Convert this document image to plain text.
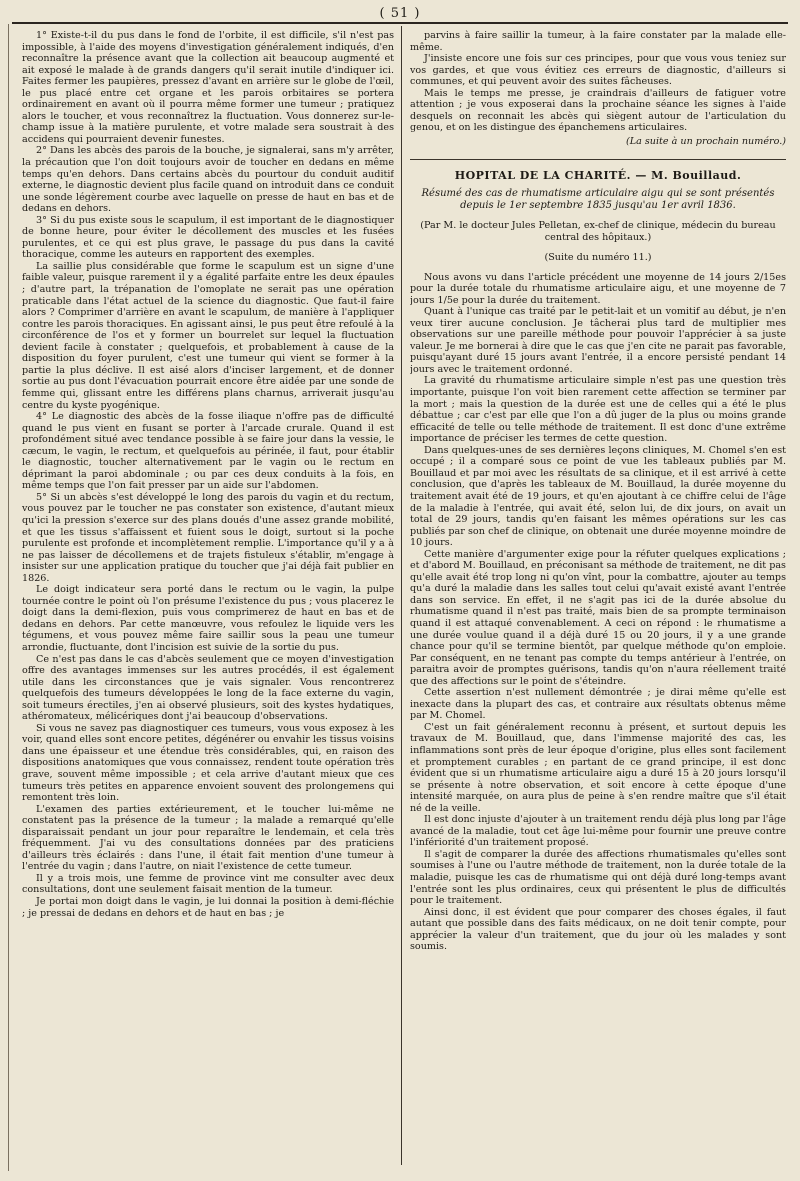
( 51 )

1° Existe-t-il du pus dans le fond de l'orbite, il est difficile, s'il n'est pas impossible, à l'aide des moyens d'investigation généralement indiqués, d'en reconnaître la présence avant que la collection ait beaucoup augmenté et ait exposé le malade à de grands dangers qu'il serait inutile d'indiquer ici. Faites fermer les paupières, pressez d'avant en arrière sur le globe de l'œil, le pus placé entre cet organe et les parois orbitaires se portera ordinairement en avant où il pourra même former une tumeur ; pratiquez alors le toucher, et vous reconnaîtrez la fluctuation. Vous donnerez sur-le-champ issue à la matière purulente, et votre malade sera soustrait à des accidens qui pourraient devenir funestes.

2° Dans les abcès des parois de la bouche, je signalerai, sans m'y arrêter, la précaution que l'on doit toujours avoir de toucher en dedans en même temps qu'en dehors. Dans certains abcès du pourtour du conduit auditif externe, le diagnostic devient plus facile quand on introduit dans ce conduit une sonde légèrement courbe avec laquelle on presse de haut en bas et de dedans en dehors.

3° Si du pus existe sous le scapulum, il est important de le diagnostiquer de bonne heure, pour éviter le décollement des muscles et les fusées purulentes, et ce qui est plus grave, le passage du pus dans la cavité thoracique, comme les auteurs en rapportent des exemples.

La saillie plus considérable que forme le scapulum est un signe d'une faible valeur, puisque rarement il y a égalité parfaite entre les deux épaules ; d'autre part, la trépanation de l'omoplate ne serait pas une opération praticable dans l'état actuel de la science du diagnostic. Que faut-il faire alors ? Comprimer d'arrière en avant le scapulum, de manière à l'appliquer contre les parois thoraciques. En agissant ainsi, le pus peut être refoulé à la circonférence de l'os et y former un bourrelet sur lequel la fluctuation devient facile à constater ; quelquefois, et probablement à cause de la disposition du foyer purulent, c'est une tumeur qui vient se former à la partie la plus déclive. Il est aisé alors d'inciser largement, et de donner sortie au pus dont l'évacuation pourrait encore être aidée par une sonde de femme qui, glissant entre les différens plans charnus, arriverait jusqu'au centre du kyste pyogénique.

4° Le diagnostic des abcès de la fosse iliaque n'offre pas de difficulté quand le pus vient en fusant se porter à l'arcade crurale. Quand il est profondément situé avec tendance possible à se faire jour dans la vessie, le cæcum, le vagin, le rectum, et quelquefois au périnée, il faut, pour établir le diagnostic, toucher alternativement par le vagin ou le rectum en déprimant la paroi abdominale ; ou par ces deux conduits à la fois, en même temps que l'on fait presser par un aide sur l'abdomen.

5° Si un abcès s'est développé le long des parois du vagin et du rectum, vous pouvez par le toucher ne pas constater son existence, d'autant mieux qu'ici la pression s'exerce sur des plans doués d'une assez grande mobilité, et que les tissus s'affaissent et fuient sous le doigt, surtout si la poche purulente est profonde et incomplètement remplie. L'importance qu'il y a à ne pas laisser de décollemens et de trajets fistuleux s'établir, m'engage à insister sur une application pratique du toucher que j'ai déjà fait publier en 1826.

Le doigt indicateur sera porté dans le rectum ou le vagin, la pulpe tournée contre le point où l'on présume l'existence du pus ; vous placerez le doigt dans la demi-flexion, puis vous comprimerez de haut en bas et de dedans en dehors. Par cette manœuvre, vous refoulez le liquide vers les tégumens, et vous pouvez même faire saillir sous la peau une tumeur arrondie, fluctuante, dont l'incision est suivie de la sortie du pus.

Ce n'est pas dans le cas d'abcès seulement que ce moyen d'investigation offre des avantages immenses sur les autres procédés, il est également utile dans les circonstances que je vais signaler. Vous rencontrerez quelquefois des tumeurs développées le long de la face externe du vagin, soit tumeurs érectiles, j'en ai observé plusieurs, soit des kystes hydatiques, athéromateux, mélicériques dont j'ai beaucoup d'observations.

Si vous ne savez pas diagnostiquer ces tumeurs, vous vous exposez à les voir, quand elles sont encore petites, dégénérer ou envahir les tissus voisins dans une épaisseur et une étendue très considérables, qui, en raison des dispositions anatomiques que vous connaissez, rendent toute opération très grave, souvent même impossible ; et cela arrive d'autant mieux que ces tumeurs très petites en apparence envoient souvent des prolongemens qui remontent très loin.

L'examen des parties extérieurement, et le toucher lui-même ne constatent pas la présence de la tumeur ; la malade a remarqué qu'elle disparaissait pendant un jour pour reparaître le lendemain, et cela très fréquemment. J'ai vu des consultations données par des praticiens d'ailleurs très éclairés : dans l'une, il était fait mention d'une tumeur à l'entrée du vagin ; dans l'autre, on niait l'existence de cette tumeur.

Il y a trois mois, une femme de province vint me consulter avec deux consultations, dont une seulement faisait mention de la tumeur.

Je portai mon doigt dans le vagin, je lui donnai la position à demi-fléchie ; je pressai de dedans en dehors et de haut en bas ; je

parvins à faire saillir la tumeur, à la faire constater par la malade elle-même.

J'insiste encore une fois sur ces principes, pour que vous vous teniez sur vos gardes, et que vous évitiez ces erreurs de diagnostic, d'ailleurs si communes, et qui peuvent avoir des suites fâcheuses.

Mais le temps me presse, je craindrais d'ailleurs de fatiguer votre attention ; je vous exposerai dans la prochaine séance les signes à l'aide desquels on reconnait les abcès qui siègent autour de l'articulation du genou, et on les distingue des épanchemens articulaires.

(La suite à un prochain numéro.)
HOPITAL DE LA CHARITÉ. — M. Bouillaud.
Résumé des cas de rhumatisme articulaire aigu qui se sont présentés depuis le 1er septembre 1835 jusqu'au 1er avril 1836.
(Par M. le docteur Jules Pelletan, ex-chef de clinique, médecin du bureau central des hôpitaux.)
(Suite du numéro 11.)

Nous avons vu dans l'article précédent une moyenne de 14 jours 2/15es pour la durée totale du rhumatisme articulaire aigu, et une moyenne de 7 jours 1/5e pour la durée du traitement.

Quant à l'unique cas traité par le petit-lait et un vomitif au début, je n'en veux tirer aucune conclusion. Je tâcherai plus tard de multiplier mes observations sur une pareille méthode pour pouvoir l'apprécier à sa juste valeur. Je me bornerai à dire que le cas que j'en cite ne parait pas favorable, puisqu'ayant duré 15 jours avant l'entrée, il a encore persisté pendant 14 jours avec le traitement ordonné.

La gravité du rhumatisme articulaire simple n'est pas une question très importante, puisque l'on voit bien rarement cette affection se terminer par la mort ; mais la question de la durée est une de celles qui a été le plus débattue ; car c'est par elle que l'on a dû juger de la plus ou moins grande efficacité de telle ou telle méthode de traitement. Il est donc d'une extrême importance de préciser les termes de cette question.

Dans quelques-unes de ses dernières leçons cliniques, M. Chomel s'en est occupé ; il a comparé sous ce point de vue les tableaux publiés par M. Bouillaud et par moi avec les résultats de sa clinique, et il est arrivé à cette conclusion, que d'après les tableaux de M. Bouillaud, la durée moyenne du traitement avait été de 19 jours, et qu'en ajoutant à ce chiffre celui de l'âge de la maladie à l'entrée, qui avait été, selon lui, de dix jours, on avait un total de 29 jours, tandis qu'en faisant les mêmes opérations sur les cas publiés par son chef de clinique, on obtenait une durée moyenne moindre de 10 jours.

Cette manière d'argumenter exige pour la réfuter quelques explications ; et d'abord M. Bouillaud, en préconisant sa méthode de traitement, ne dit pas qu'elle avait été trop long ni qu'on vînt, pour la combattre, ajouter au temps qu'a duré la maladie dans les salles tout celui qu'avait existé avant l'entrée dans son service. En effet, il ne s'agit pas ici de la durée absolue du rhumatisme quand il n'est pas traité, mais bien de sa prompte terminaison quand il est attaqué convenablement. A ceci on répond : le rhumatisme a une durée voulue quand il a déjà duré 15 ou 20 jours, il y a une grande chance pour qu'il se termine bientôt, par quelque méthode qu'on emploie. Par conséquent, en ne tenant pas compte du temps antérieur à l'entrée, on paraitra avoir de promptes guérisons, tandis qu'on n'aura réellement traité que des affections sur le point de s'éteindre.

Cette assertion n'est nullement démontrée ; je dirai même qu'elle est inexacte dans la plupart des cas, et contraire aux résultats obtenus même par M. Chomel.

C'est un fait généralement reconnu à présent, et surtout depuis les travaux de M. Bouillaud, que, dans l'immense majorité des cas, les inflammations sont près de leur époque d'origine, plus elles sont facilement et promptement curables ; en partant de ce grand principe, il est donc évident que si un rhumatisme articulaire aigu a duré 15 à 20 jours lorsqu'il se présente à notre observation, et soit encore à cette époque d'une intensité marquée, on aura plus de peine à s'en rendre maître que s'il était né de la veille.

Il est donc injuste d'ajouter à un traitement rendu déjà plus long par l'âge avancé de la maladie, tout cet âge lui-même pour fournir une preuve contre l'infériorité d'un traitement proposé.

Il s'agit de comparer la durée des affections rhumatismales qu'elles sont soumises à l'une ou l'autre méthode de traitement, non la durée totale de la maladie, puisque les cas de rhumatisme qui ont déjà duré long-temps avant l'entrée sont les plus ordinaires, ceux qui présentent le plus de difficultés pour le traitement.

Ainsi donc, il est évident que pour comparer des choses égales, il faut autant que possible dans des faits médicaux, on ne doit tenir compte, pour apprécier la valeur d'un traitement, que du jour où les malades y sont soumis.
